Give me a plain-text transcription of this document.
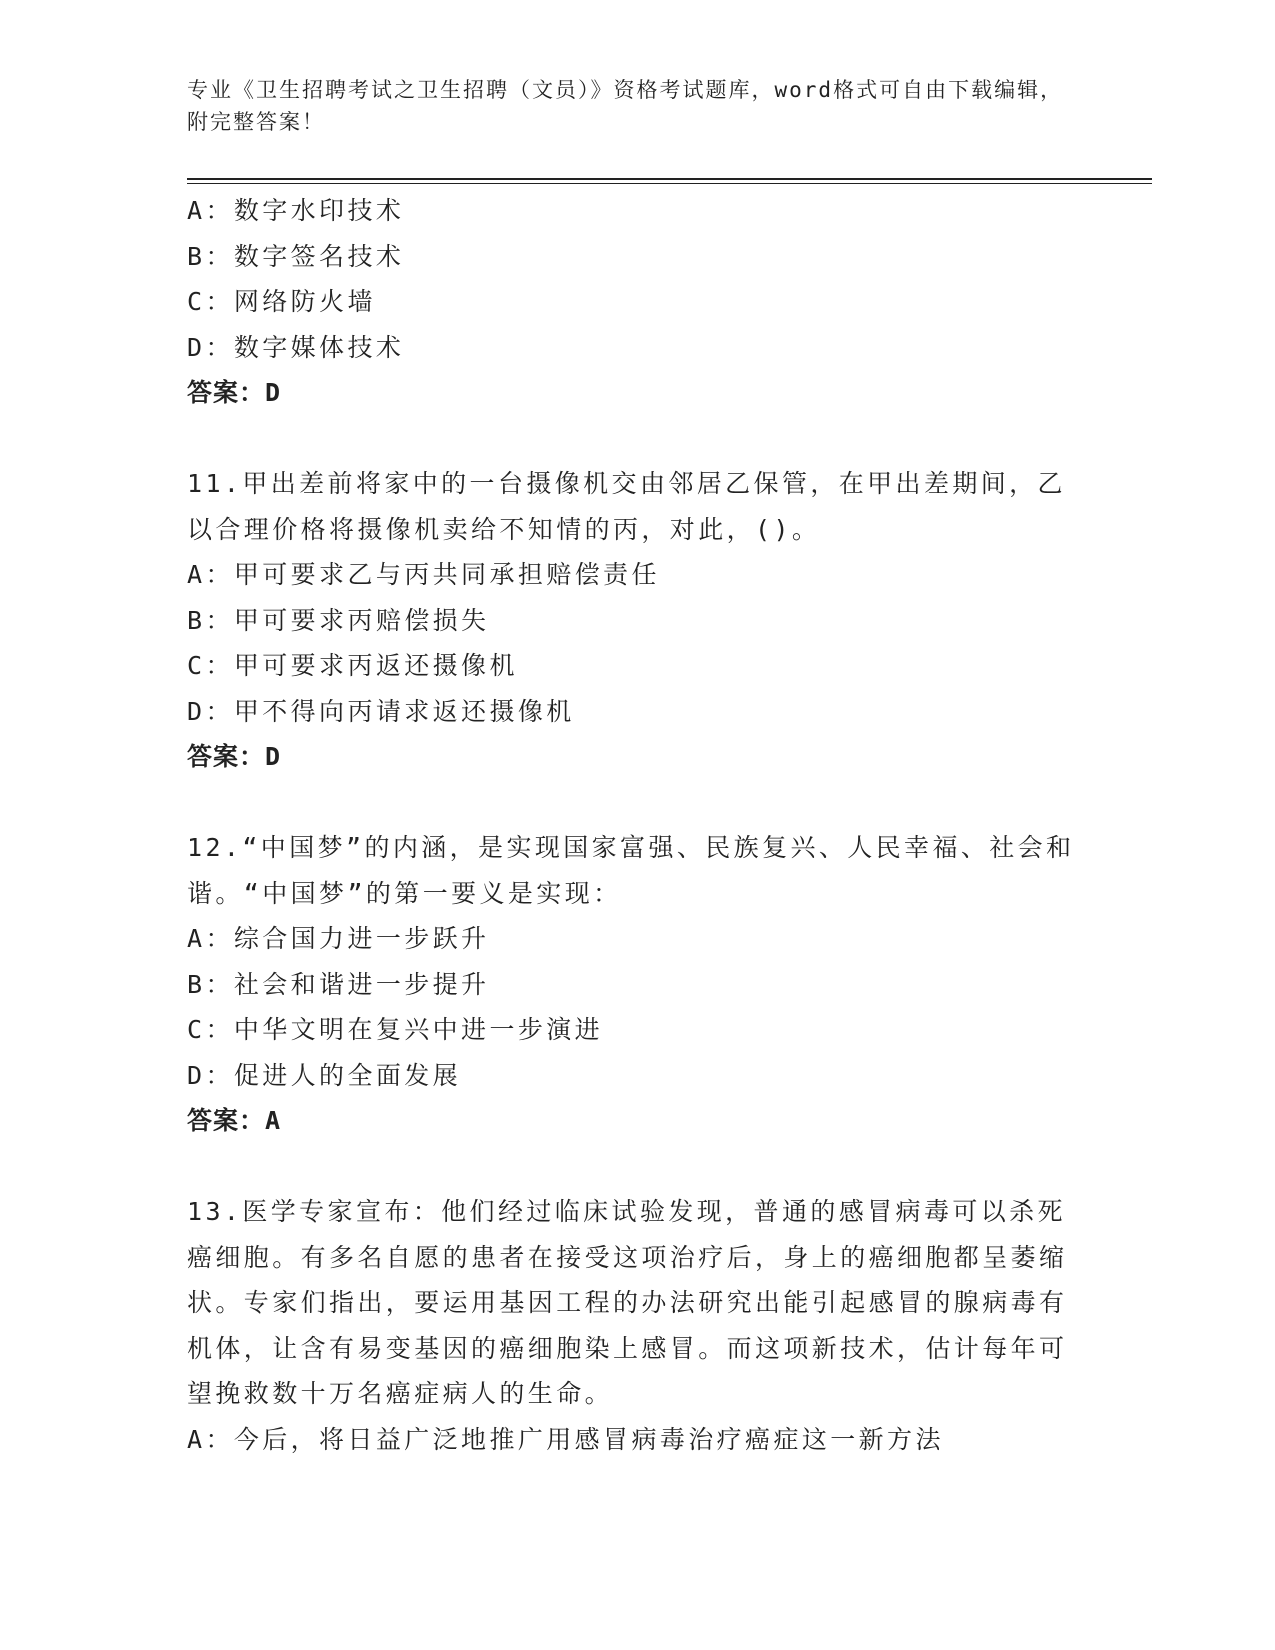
专业《卫生招聘考试之卫生招聘（文员）》资格考试题库，word格式可自由下载编辑，附完整答案！

A：数字水印技术

B：数字签名技术

C：网络防火墙

D：数字媒体技术

答案：D

11.甲出差前将家中的一台摄像机交由邻居乙保管，在甲出差期间，乙以合理价格将摄像机卖给不知情的丙，对此，()。

A：甲可要求乙与丙共同承担赔偿责任

B：甲可要求丙赔偿损失

C：甲可要求丙返还摄像机

D：甲不得向丙请求返还摄像机

答案：D

12.“中国梦”的内涵，是实现国家富强、民族复兴、人民幸福、社会和谐。“中国梦”的第一要义是实现：

A：综合国力进一步跃升

B：社会和谐进一步提升

C：中华文明在复兴中进一步演进

D：促进人的全面发展

答案：A

13.医学专家宣布：他们经过临床试验发现，普通的感冒病毒可以杀死癌细胞。有多名自愿的患者在接受这项治疗后，身上的癌细胞都呈萎缩状。专家们指出，要运用基因工程的办法研究出能引起感冒的腺病毒有机体，让含有易变基因的癌细胞染上感冒。而这项新技术，估计每年可望挽救数十万名癌症病人的生命。

A：今后，将日益广泛地推广用感冒病毒治疗癌症这一新方法
